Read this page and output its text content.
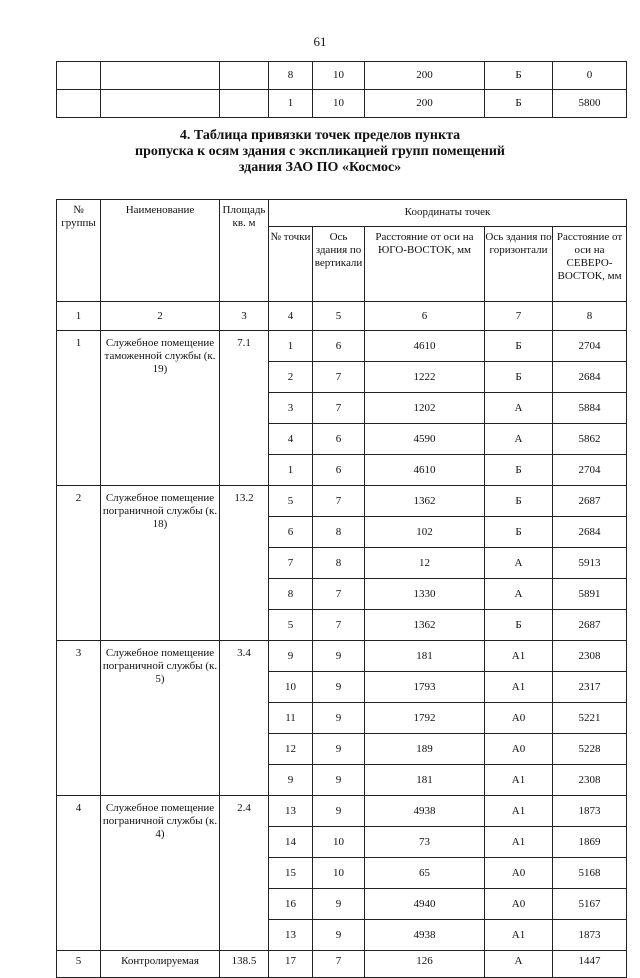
61
			8	10	200	Б	0
			1	10	200	Б	5800
4. Таблица привязки точек пределов пункта
пропуска к осям здания с экспликацией групп помещений
здания ЗАО ПО «Космос»
№ группы	Наименование	Площадь кв. м	Координаты точек				
			№ точки	Ось здания по вертикали	Расстояние от оси на ЮГО-ВОСТОК, мм	Ось здания по горизонтали	Расстояние от оси на СЕВЕРО-ВОСТОК, мм
1	2	3	4	5	6	7	8
1	Служебное помещение таможенной службы (к. 19)	7.1	1	6	4610	Б	2704
			2	7	1222	Б	2684
			3	7	1202	А	5884
			4	6	4590	А	5862
			1	6	4610	Б	2704
2	Служебное помещение пограничной службы (к. 18)	13.2	5	7	1362	Б	2687
			6	8	102	Б	2684
			7	8	12	А	5913
			8	7	1330	А	5891
			5	7	1362	Б	2687
3	Служебное помещение пограничной службы (к. 5)	3.4	9	9	181	А1	2308
			10	9	1793	А1	2317
			11	9	1792	А0	5221
			12	9	189	А0	5228
			9	9	181	А1	2308
4	Служебное помещение пограничной службы (к. 4)	2.4	13	9	4938	А1	1873
			14	10	73	А1	1869
			15	10	65	А0	5168
			16	9	4940	А0	5167
			13	9	4938	А1	1873
5	Контролируемая	138.5	17	7	126	А	1447
